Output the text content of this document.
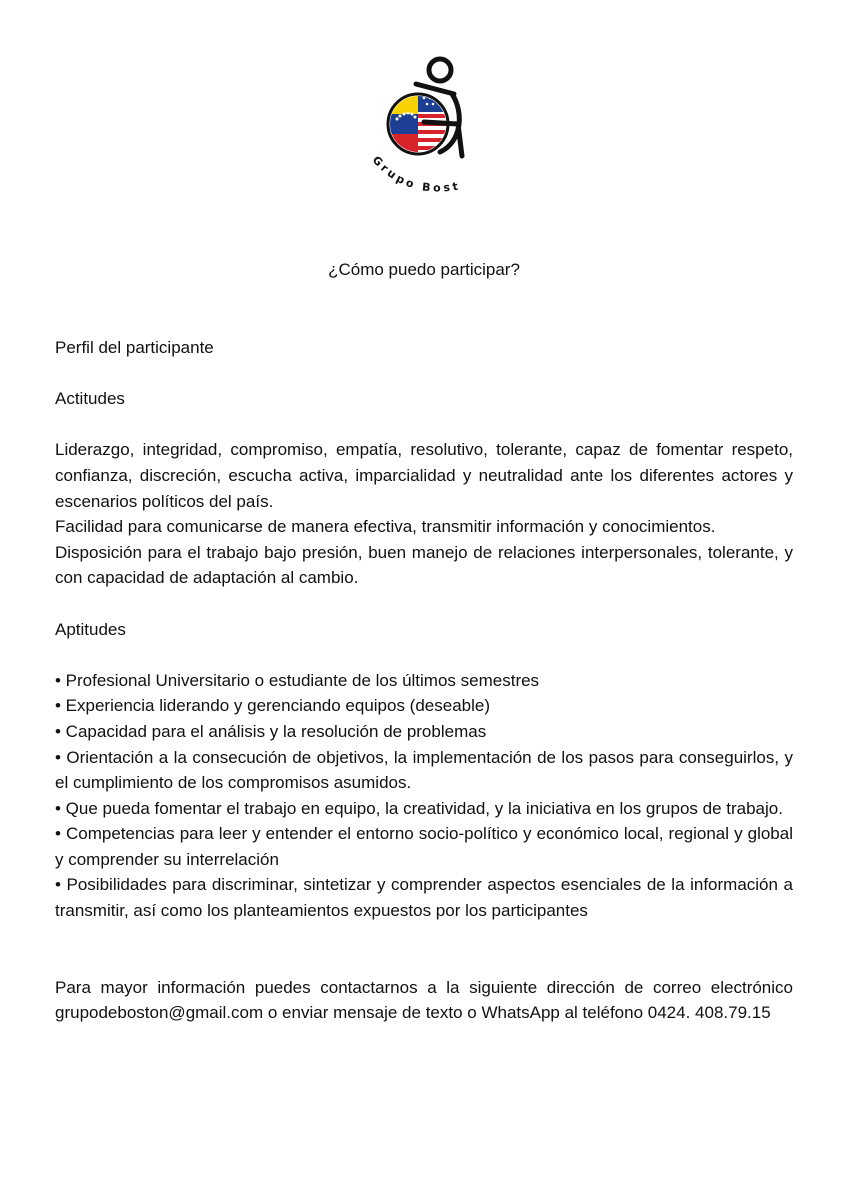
Grupo Bost
¿Cómo puedo participar?

Perfil del participante

Actitudes

Liderazgo, integridad, compromiso, empatía, resolutivo, tolerante, capaz de fomentar respeto, confianza, discreción, escucha activa, imparcialidad y neutralidad ante los diferentes actores y escenarios políticos del país.

Facilidad para comunicarse de manera efectiva, transmitir información y conocimientos.

Disposición para el trabajo bajo presión, buen manejo de relaciones interpersonales, tolerante, y con capacidad de adaptación al cambio.

Aptitudes

• Profesional Universitario o estudiante de los últimos semestres

• Experiencia liderando y gerenciando equipos (deseable)

• Capacidad para el análisis y la resolución de problemas

• Orientación a la consecución de objetivos, la implementación de los pasos para conseguirlos, y el cumplimiento de los compromisos asumidos.

• Que pueda fomentar el trabajo en equipo, la creatividad, y la iniciativa en los grupos de trabajo.

• Competencias para leer y entender el entorno socio-político y económico local, regional y global y comprender su interrelación

• Posibilidades para discriminar, sintetizar y comprender aspectos esenciales de la información a transmitir, así como los planteamientos expuestos por los participantes

Para mayor información puedes contactarnos a la siguiente dirección de correo electrónico grupodeboston@gmail.com o enviar mensaje de texto o WhatsApp al teléfono 0424. 408.79.15
